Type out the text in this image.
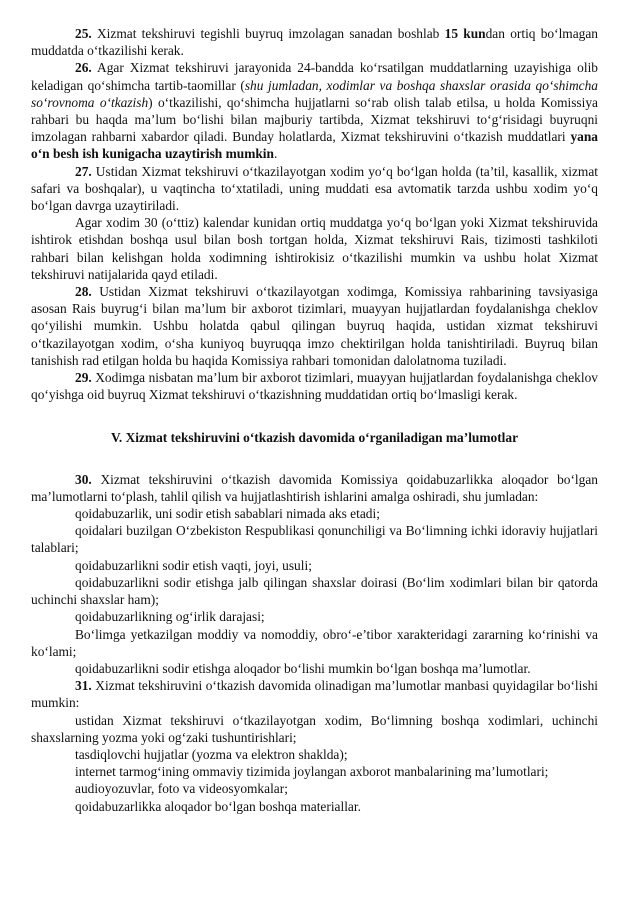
25. Xizmat tekshiruvi tegishli buyruq imzolagan sanadan boshlab 15 kundan ortiq bo‘lmagan muddatda o‘tkazilishi kerak.

26. Agar Xizmat tekshiruvi jarayonida 24-bandda ko‘rsatilgan muddatlarning uzayishiga olib keladigan qo‘shimcha tartib-taomillar (shu jumladan, xodimlar va boshqa shaxslar orasida qo‘shimcha so‘rovnoma o‘tkazish) o‘tkazilishi, qo‘shimcha hujjatlarni so‘rab olish talab etilsa, u holda Komissiya rahbari bu haqda ma’lum bo‘lishi bilan majburiy tartibda, Xizmat tekshiruvi to‘g‘risidagi buyruqni imzolagan rahbarni xabardor qiladi. Bunday holatlarda, Xizmat tekshiruvini o‘tkazish muddatlari yana o‘n besh ish kunigacha uzaytirish mumkin.

27. Ustidan Xizmat tekshiruvi o‘tkazilayotgan xodim yo‘q bo‘lgan holda (ta’til, kasallik, xizmat safari va boshqalar), u vaqtincha to‘xtatiladi, uning muddati esa avtomatik tarzda ushbu xodim yo‘q bo‘lgan davrga uzaytiriladi.

Agar xodim 30 (o‘ttiz) kalendar kunidan ortiq muddatga yo‘q bo‘lgan yoki Xizmat tekshiruvida ishtirok etishdan boshqa usul bilan bosh tortgan holda, Xizmat tekshiruvi Rais, tizimosti tashkiloti rahbari bilan kelishgan holda xodimning ishtirokisiz o‘tkazilishi mumkin va ushbu holat Xizmat tekshiruvi natijalarida qayd etiladi.

28. Ustidan Xizmat tekshiruvi o‘tkazilayotgan xodimga, Komissiya rahbarining tavsiyasiga asosan Rais buyrug‘i bilan ma’lum bir axborot tizimlari, muayyan hujjatlardan foydalanishga cheklov qo‘yilishi mumkin. Ushbu holatda qabul qilingan buyruq haqida, ustidan xizmat tekshiruvi o‘tkazilayotgan xodim, o‘sha kuniyoq buyruqqa imzo chektirilgan holda tanishtiriladi. Buyruq bilan tanishish rad etilgan holda bu haqida Komissiya rahbari tomonidan dalolatnoma tuziladi.

29. Xodimga nisbatan ma’lum bir axborot tizimlari, muayyan hujjatlardan foydalanishga cheklov qo‘yishga oid buyruq Xizmat tekshiruvi o‘tkazishning muddatidan ortiq bo‘lmasligi kerak.

V. Xizmat tekshiruvini o‘tkazish davomida o‘rganiladigan ma’lumotlar

30. Xizmat tekshiruvini o‘tkazish davomida Komissiya qoidabuzarlikka aloqador bo‘lgan ma’lumotlarni to‘plash, tahlil qilish va hujjatlashtirish ishlarini amalga oshiradi, shu jumladan:

qoidabuzarlik, uni sodir etish sabablari nimada aks etadi;

qoidalari buzilgan O‘zbekiston Respublikasi qonunchiligi va Bo‘limning ichki idoraviy hujjatlari talablari;

qoidabuzarlikni sodir etish vaqti, joyi, usuli;

qoidabuzarlikni sodir etishga jalb qilingan shaxslar doirasi (Bo‘lim xodimlari bilan bir qatorda uchinchi shaxslar ham);

qoidabuzarlikning og‘irlik darajasi;

Bo‘limga yetkazilgan moddiy va nomoddiy, obro‘-e’tibor xarakteridagi zararning ko‘rinishi va ko‘lami;

qoidabuzarlikni sodir etishga aloqador bo‘lishi mumkin bo‘lgan boshqa ma’lumotlar.

31. Xizmat tekshiruvini o‘tkazish davomida olinadigan ma’lumotlar manbasi quyidagilar bo‘lishi mumkin:

ustidan Xizmat tekshiruvi o‘tkazilayotgan xodim, Bo‘limning boshqa xodimlari, uchinchi shaxslarning yozma yoki og‘zaki tushuntirishlari;

tasdiqlovchi hujjatlar (yozma va elektron shaklda);

internet tarmog‘ining ommaviy tizimida joylangan axborot manbalarining ma’lumotlari;

audioyozuvlar, foto va videosyomkalar;

qoidabuzarlikka aloqador bo‘lgan boshqa materiallar.
